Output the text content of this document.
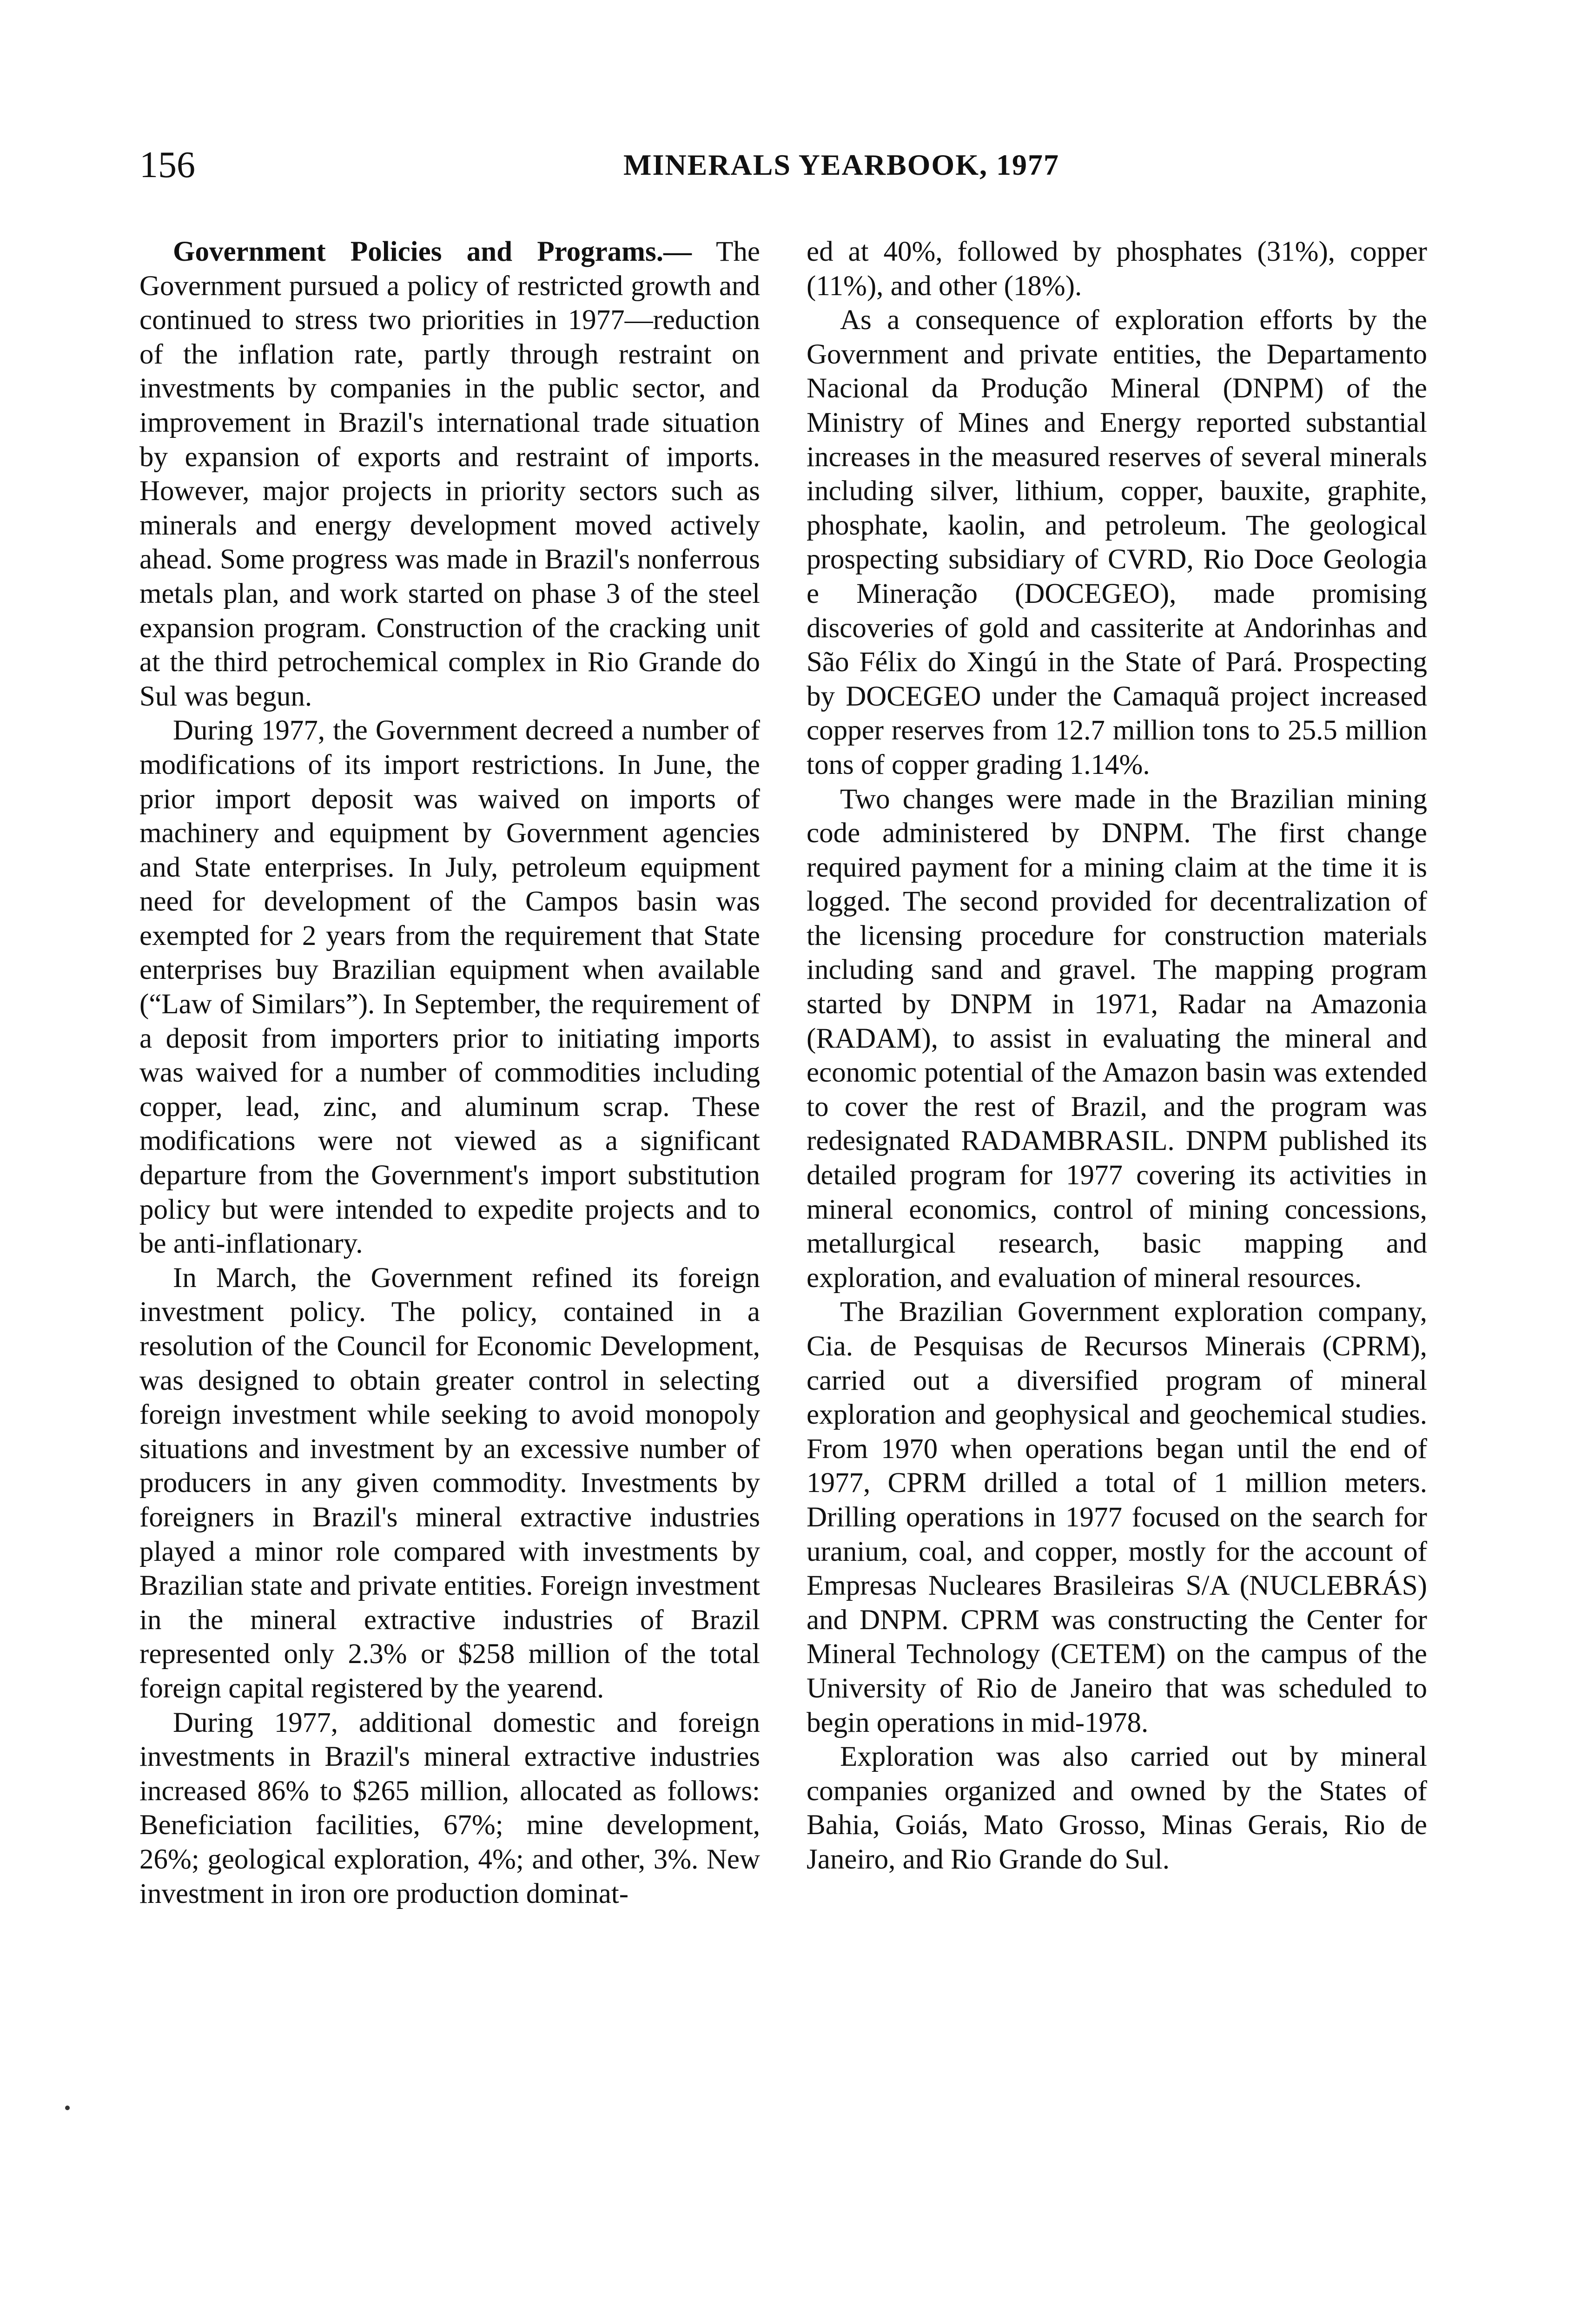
156	MINERALS YEARBOOK, 1977

Government Policies and Programs.— The Government pursued a policy of restricted growth and continued to stress two priorities in 1977—reduction of the inflation rate, partly through restraint on investments by companies in the public sector, and improvement in Brazil's international trade situation by expansion of exports and restraint of imports. However, major projects in priority sectors such as minerals and energy development moved actively ahead. Some progress was made in Brazil's nonferrous metals plan, and work started on phase 3 of the steel expansion program. Construction of the cracking unit at the third petrochemical complex in Rio Grande do Sul was begun.

During 1977, the Government decreed a number of modifications of its import restrictions. In June, the prior import deposit was waived on imports of machinery and equipment by Government agencies and State enterprises. In July, petroleum equipment need for development of the Campos basin was exempted for 2 years from the requirement that State enterprises buy Brazilian equipment when available (“Law of Similars”). In September, the requirement of a deposit from importers prior to initiating imports was waived for a number of commodities including copper, lead, zinc, and aluminum scrap. These modifications were not viewed as a significant departure from the Government's import substitution policy but were intended to expedite projects and to be anti-inflationary.

In March, the Government refined its foreign investment policy. The policy, contained in a resolution of the Council for Economic Development, was designed to obtain greater control in selecting foreign investment while seeking to avoid monopoly situations and investment by an excessive number of producers in any given commodity. Investments by foreigners in Brazil's mineral extractive industries played a minor role compared with investments by Brazilian state and private entities. Foreign investment in the mineral extractive industries of Brazil represented only 2.3% or $258 million of the total foreign capital registered by the yearend.

During 1977, additional domestic and foreign investments in Brazil's mineral extractive industries increased 86% to $265 million, allocated as follows: Beneficiation facilities, 67%; mine development, 26%; geological exploration, 4%; and other, 3%. New investment in iron ore production dominat-

ed at 40%, followed by phosphates (31%), copper (11%), and other (18%).

As a consequence of exploration efforts by the Government and private entities, the Departamento Nacional da Produção Mineral (DNPM) of the Ministry of Mines and Energy reported substantial increases in the measured reserves of several minerals including silver, lithium, copper, bauxite, graphite, phosphate, kaolin, and petroleum. The geological prospecting subsidiary of CVRD, Rio Doce Geologia e Mineração (DOCEGEO), made promising discoveries of gold and cassiterite at Andorinhas and São Félix do Xingú in the State of Pará. Prospecting by DOCEGEO under the Camaquã project increased copper reserves from 12.7 million tons to 25.5 million tons of copper grading 1.14%.

Two changes were made in the Brazilian mining code administered by DNPM. The first change required payment for a mining claim at the time it is logged. The second provided for decentralization of the licensing procedure for construction materials including sand and gravel. The mapping program started by DNPM in 1971, Radar na Amazonia (RADAM), to assist in evaluating the mineral and economic potential of the Amazon basin was extended to cover the rest of Brazil, and the program was redesignated RADAMBRASIL. DNPM published its detailed program for 1977 covering its activities in mineral economics, control of mining concessions, metallurgical research, basic mapping and exploration, and evaluation of mineral resources.

The Brazilian Government exploration company, Cia. de Pesquisas de Recursos Minerais (CPRM), carried out a diversified program of mineral exploration and geophysical and geochemical studies. From 1970 when operations began until the end of 1977, CPRM drilled a total of 1 million meters. Drilling operations in 1977 focused on the search for uranium, coal, and copper, mostly for the account of Empresas Nucleares Brasileiras S/A (NUCLEBRÁS) and DNPM. CPRM was constructing the Center for Mineral Technology (CETEM) on the campus of the University of Rio de Janeiro that was scheduled to begin operations in mid-1978.

Exploration was also carried out by mineral companies organized and owned by the States of Bahia, Goiás, Mato Grosso, Minas Gerais, Rio de Janeiro, and Rio Grande do Sul.
